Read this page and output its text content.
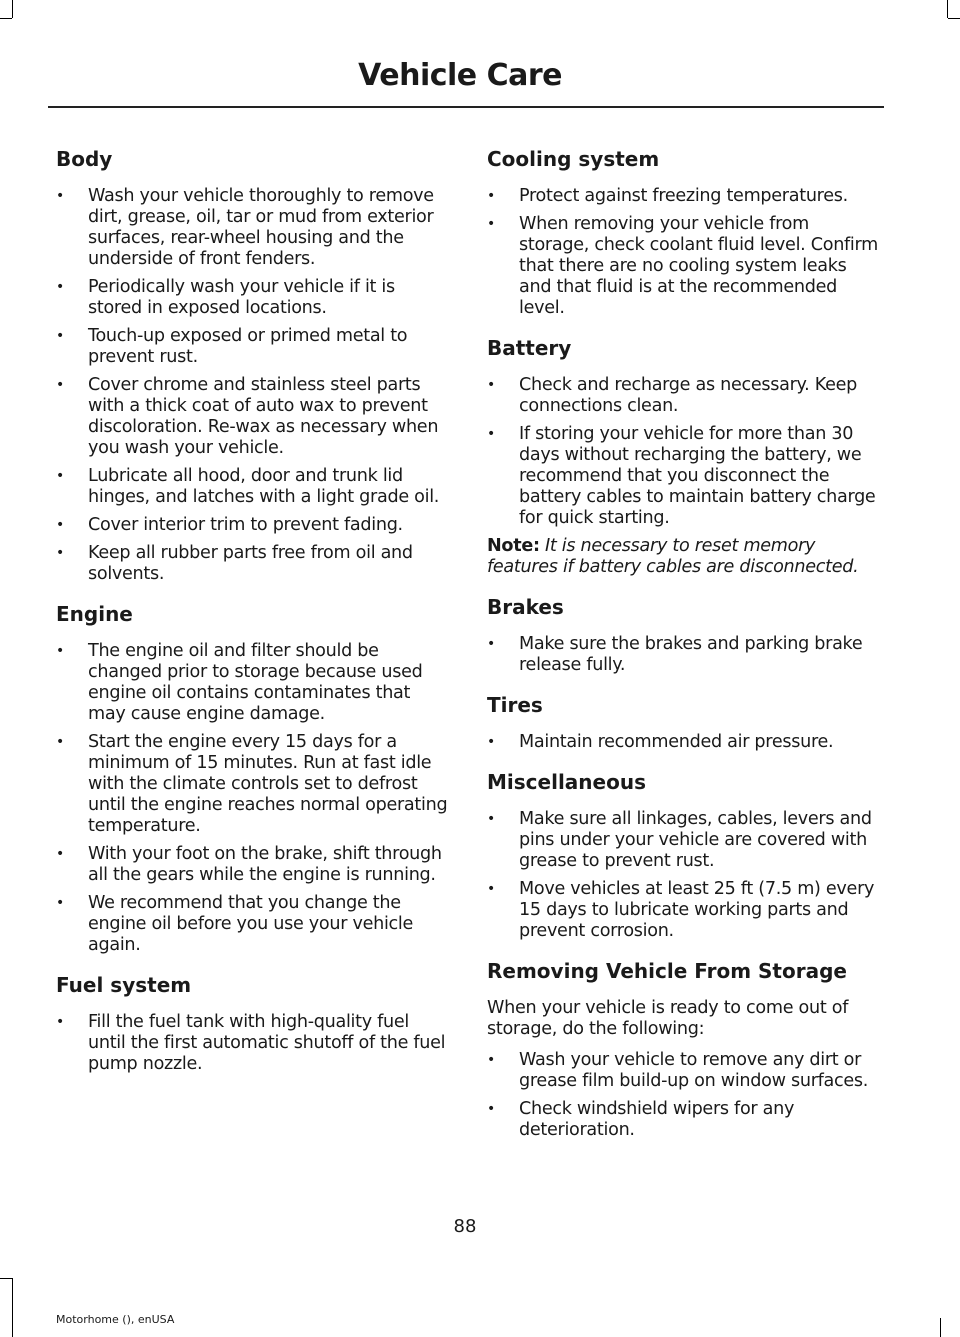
Vehicle Care
Body
• Wash your vehicle thoroughly to remove dirt, grease, oil, tar or mud from exterior surfaces, rear-wheel housing and the underside of front fenders.
• Periodically wash your vehicle if it is stored in exposed locations.
• Touch-up exposed or primed metal to prevent rust.
• Cover chrome and stainless steel parts with a thick coat of auto wax to prevent discoloration. Re-wax as necessary when you wash your vehicle.
• Lubricate all hood, door and trunk lid hinges, and latches with a light grade oil.
• Cover interior trim to prevent fading.
• Keep all rubber parts free from oil and solvents.
Engine
• The engine oil and filter should be changed prior to storage because used engine oil contains contaminates that may cause engine damage.
• Start the engine every 15 days for a minimum of 15 minutes. Run at fast idle with the climate controls set to defrost until the engine reaches normal operating temperature.
• With your foot on the brake, shift through all the gears while the engine is running.
• We recommend that you change the engine oil before you use your vehicle again.
Fuel system
• Fill the fuel tank with high-quality fuel until the first automatic shutoff of the fuel pump nozzle.
Cooling system
• Protect against freezing temperatures.
• When removing your vehicle from storage, check coolant fluid level. Confirm that there are no cooling system leaks and that fluid is at the recommended level.
Battery
• Check and recharge as necessary. Keep connections clean.
• If storing your vehicle for more than 30 days without recharging the battery, we recommend that you disconnect the battery cables to maintain battery charge for quick starting.

Note: It is necessary to reset memory features if battery cables are disconnected.

Brakes
• Make sure the brakes and parking brake release fully.
Tires
• Maintain recommended air pressure.
Miscellaneous
• Make sure all linkages, cables, levers and pins under your vehicle are covered with grease to prevent rust.
• Move vehicles at least 25 ft (7.5 m) every 15 days to lubricate working parts and prevent corrosion.
Removing Vehicle From Storage

When your vehicle is ready to come out of storage, do the following:

• Wash your vehicle to remove any dirt or grease film build-up on window surfaces.
• Check windshield wipers for any deterioration.
88
Motorhome (), enUSA
